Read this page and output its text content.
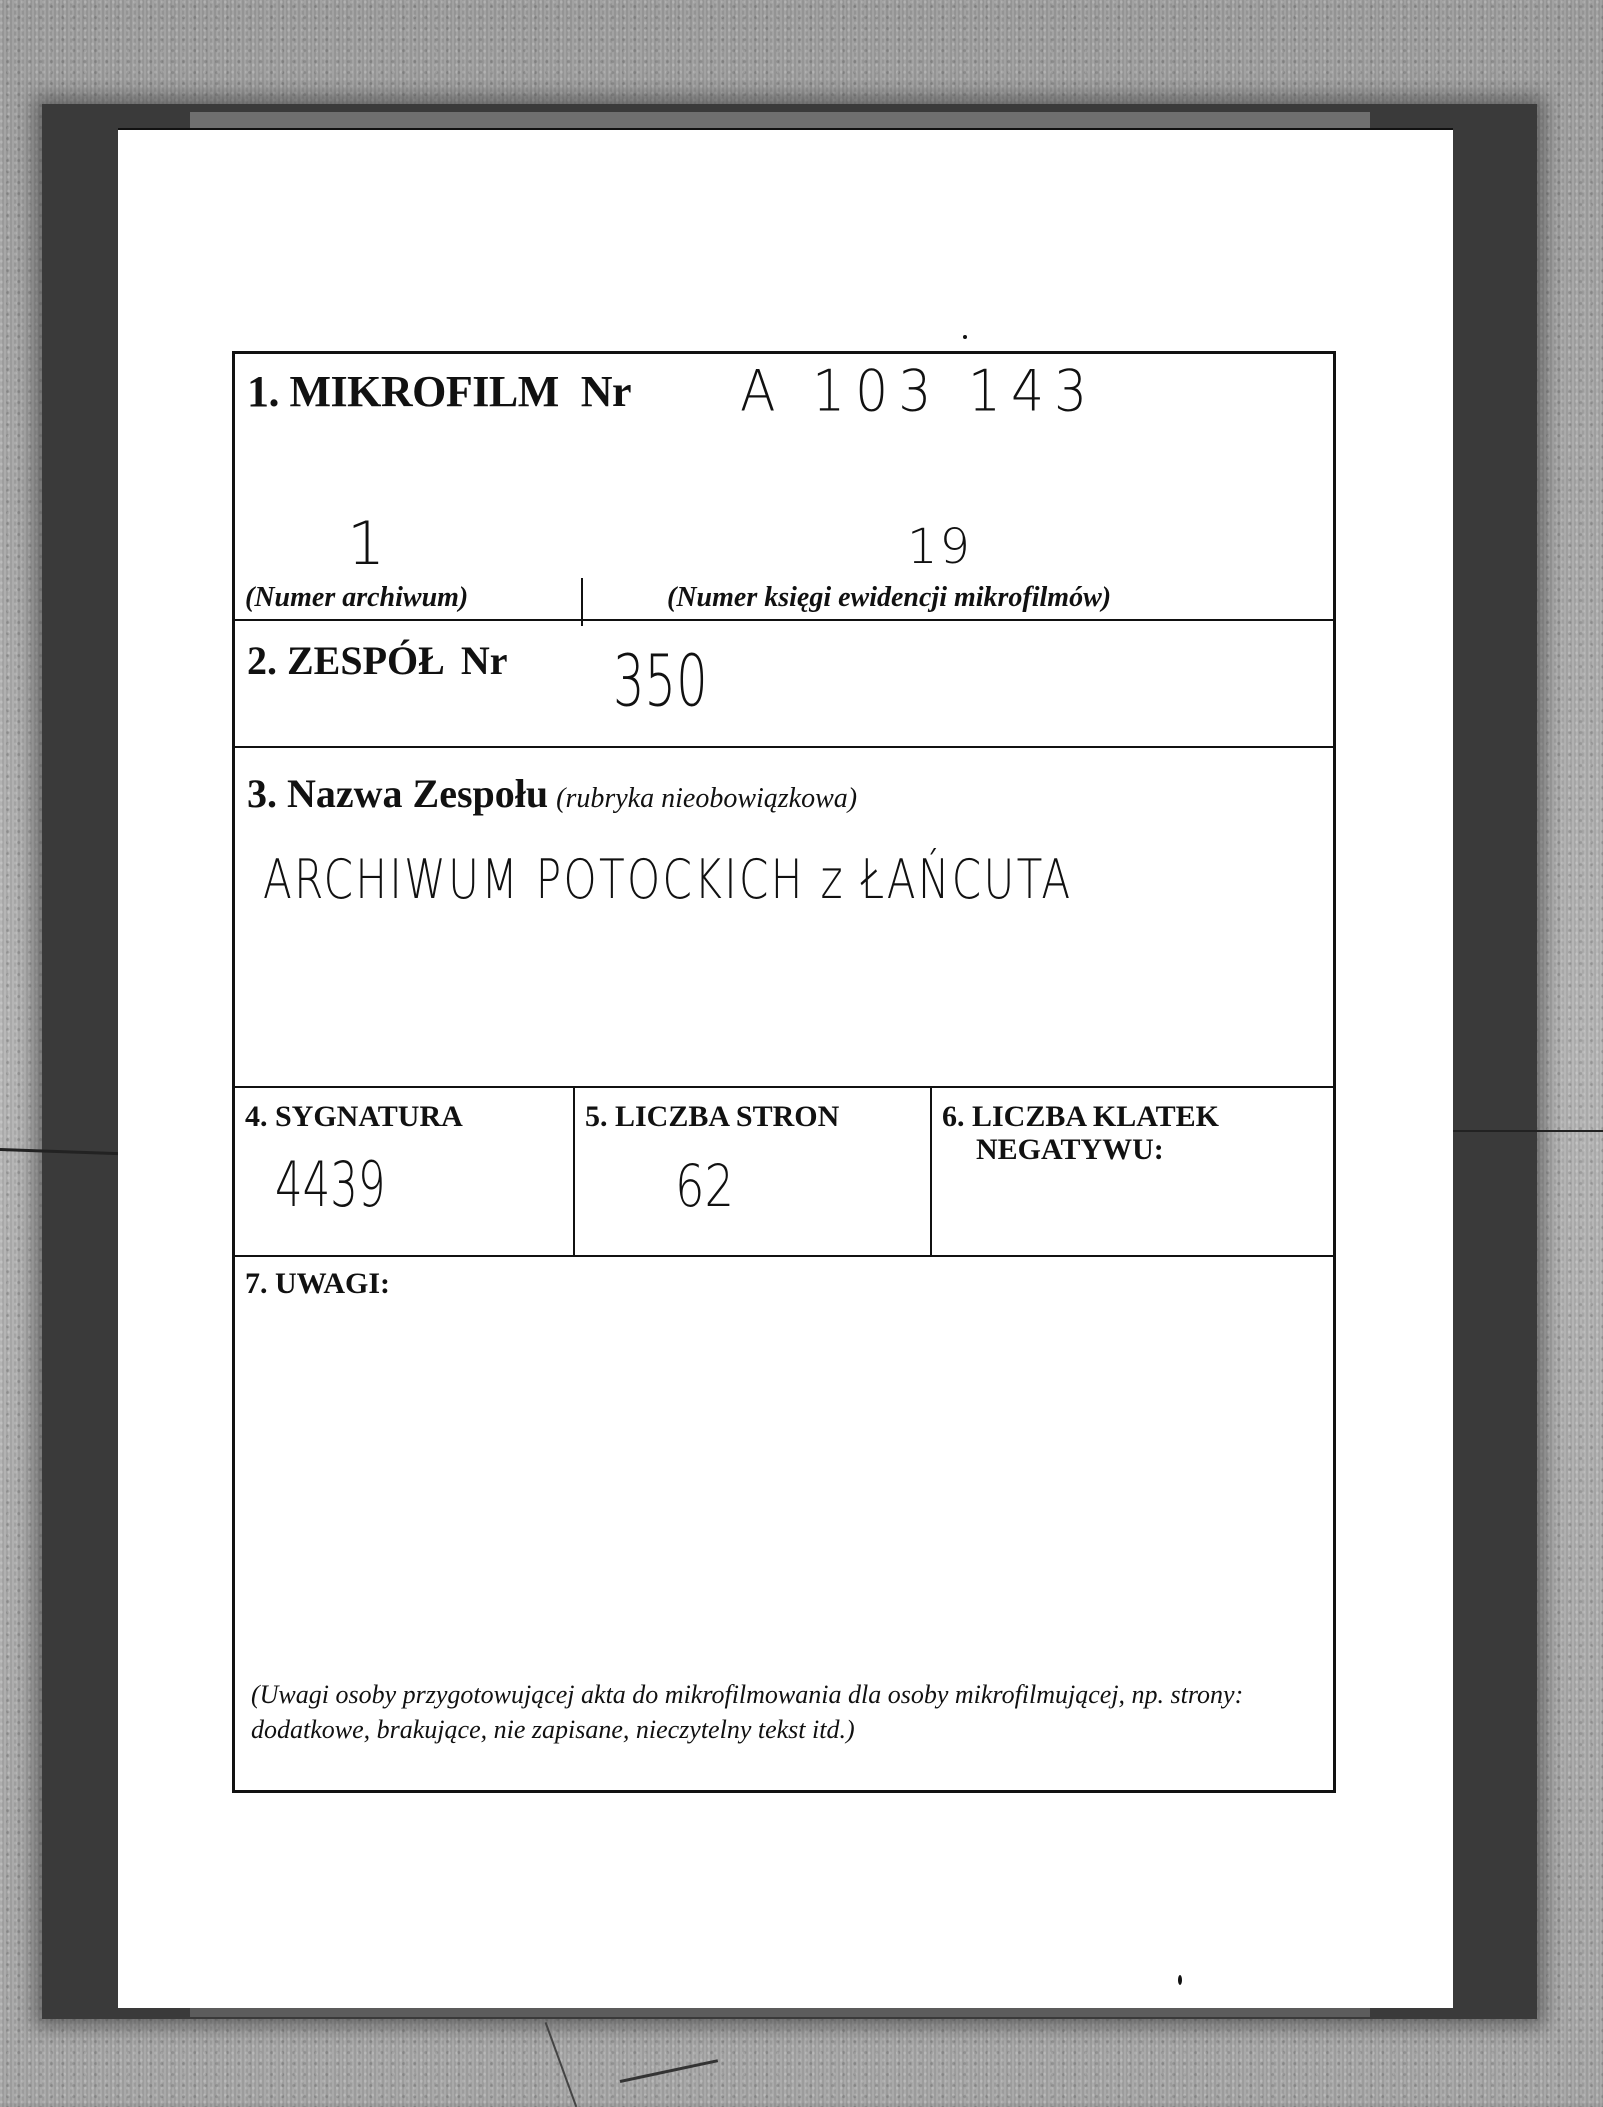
1. MIKROFILM Nr A 103 143
1	19
(Numer archiwum)	(Numer księgi ewidencji mikrofilmów)
2. ZESPÓŁ Nr 350
3. Nazwa Zespołu (rubryka nieobowiązkowa)
ARCHIWUM POTOCKICH z ŁAŃCUTA
4. SYGNATURA
4439
5. LICZBA STRON
62
6. LICZBA KLATEK
NEGATYWU:
7. UWAGI:
(Uwagi osoby przygotowującej akta do mikrofilmowania dla osoby mikrofilmującej, np. strony: dodatkowe, brakujące, nie zapisane, nieczytelny tekst itd.)
